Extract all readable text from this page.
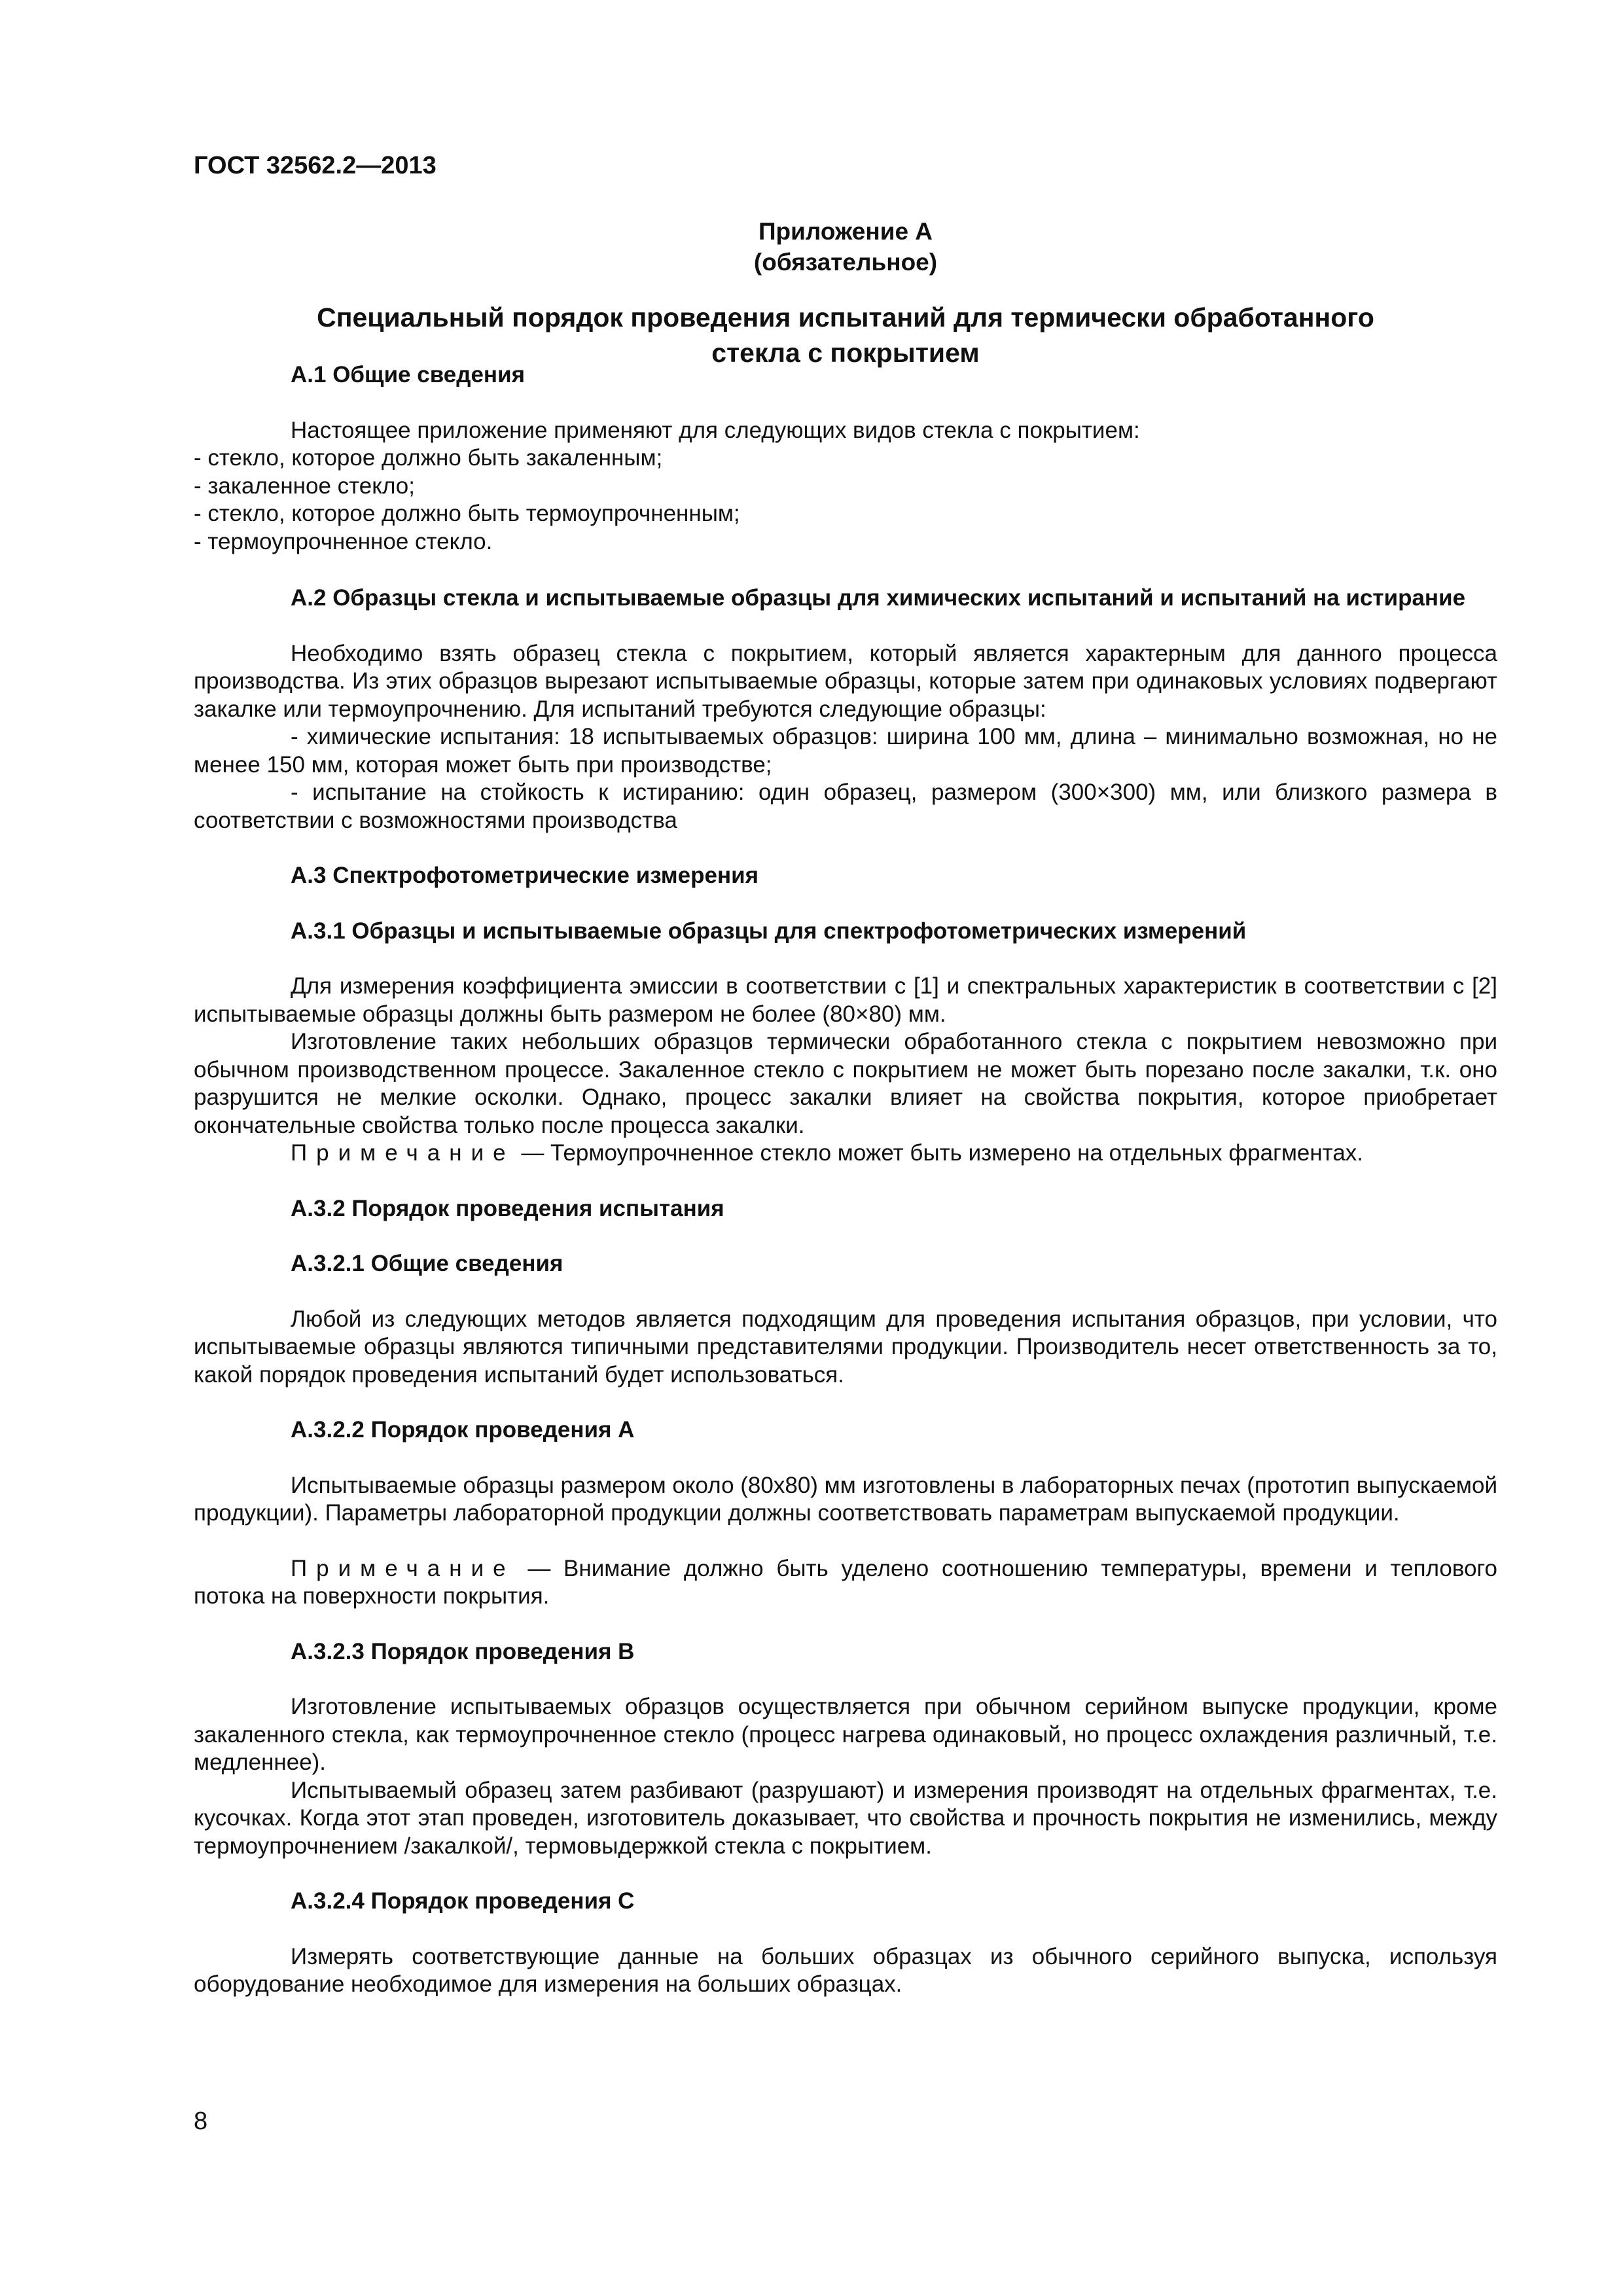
ГОСТ 32562.2—2013
Приложение А
(обязательное)
Специальный порядок проведения испытаний для термически обработанного
стекла с покрытием

А.1 Общие сведения

Настоящее приложение применяют для следующих видов стекла с покрытием:

- стекло, которое должно быть закаленным;

- закаленное стекло;

- стекло, которое должно быть термоупрочненным;

- термоупрочненное стекло.

А.2 Образцы стекла и испытываемые образцы для химических испытаний и испытаний на истирание

Необходимо взять образец стекла с покрытием, который является характерным для данного процесса производства. Из этих образцов вырезают испытываемые образцы, которые затем при одинаковых условиях подвергают закалке или термоупрочнению. Для испытаний требуются следующие образцы:

- химические испытания: 18 испытываемых образцов: ширина 100 мм, длина – минимально возможная, но не менее 150 мм, которая может быть при производстве;

- испытание на стойкость к истиранию: один образец, размером (300×300) мм, или близкого размера в соответствии с возможностями производства

А.3 Спектрофотометрические измерения

А.3.1 Образцы и испытываемые образцы для спектрофотометрических измерений

Для измерения коэффициента эмиссии в соответствии с [1] и спектральных характеристик в соответствии с [2] испытываемые образцы должны быть размером не более (80×80) мм.

Изготовление таких небольших образцов термически обработанного стекла с покрытием невозможно при обычном производственном процессе. Закаленное стекло с покрытием не может быть порезано после закалки, т.к. оно разрушится не мелкие осколки. Однако, процесс закалки влияет на свойства покрытия, которое приобретает окончательные свойства только после процесса закалки.

Примечание — Термоупрочненное стекло может быть измерено на отдельных фрагментах.

А.3.2 Порядок проведения испытания

А.3.2.1 Общие сведения

Любой из следующих методов является подходящим для проведения испытания образцов, при условии, что испытываемые образцы являются типичными представителями продукции. Производитель несет ответственность за то, какой порядок проведения испытаний будет использоваться.

А.3.2.2 Порядок проведения А

Испытываемые образцы размером около (80x80) мм изготовлены в лабораторных печах (прототип выпускаемой продукции). Параметры лабораторной продукции должны соответствовать параметрам выпускаемой продукции.

Примечание — Внимание должно быть уделено соотношению температуры, времени и теплового потока на поверхности покрытия.

А.3.2.3 Порядок проведения В

Изготовление испытываемых образцов осуществляется при обычном серийном выпуске продукции, кроме закаленного стекла, как термоупрочненное стекло (процесс нагрева одинаковый, но процесс охлаждения различный, т.е. медленнее).

Испытываемый образец затем разбивают (разрушают) и измерения производят на отдельных фрагментах, т.е. кусочках. Когда этот этап проведен, изготовитель доказывает, что свойства и прочность покрытия не изменились, между термоупрочнением /закалкой/, термовыдержкой стекла с покрытием.

А.3.2.4 Порядок проведения С

Измерять соответствующие данные на больших образцах из обычного серийного выпуска, используя оборудование необходимое для измерения на больших образцах.

8
